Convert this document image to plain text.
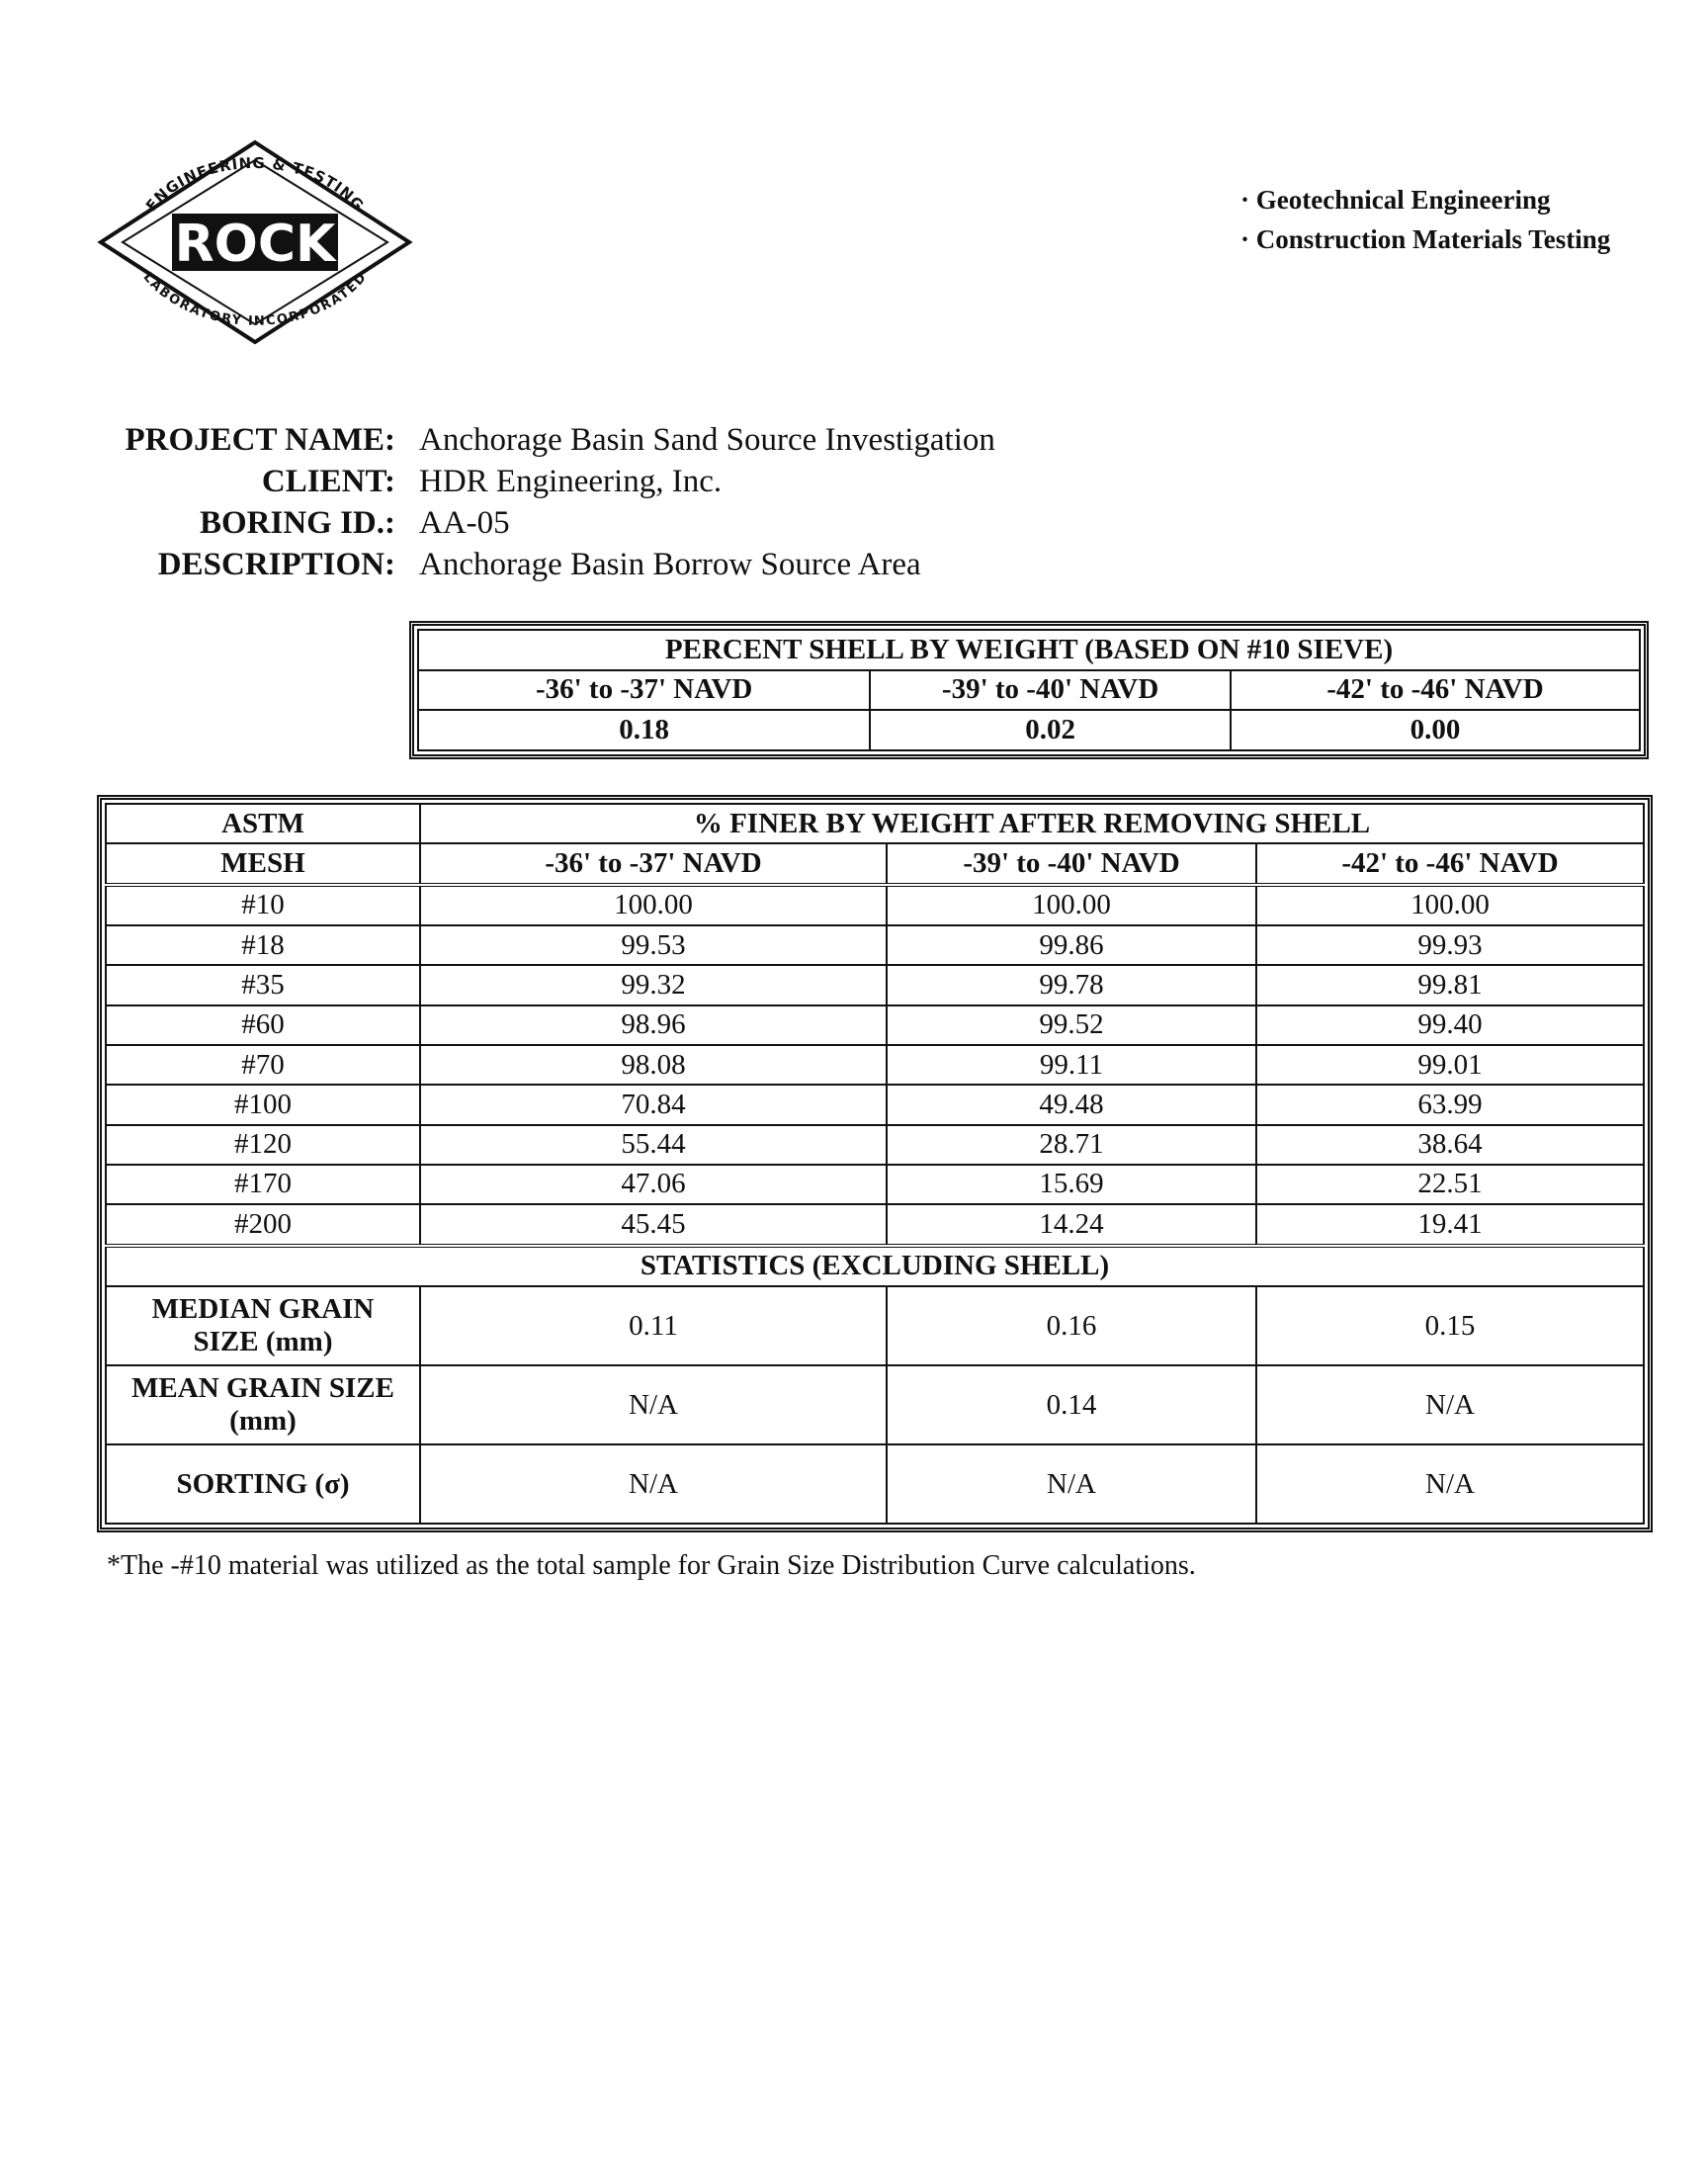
ROCK
ENGINEERING & TESTING
LABORATORY INCORPORATED
· Geotechnical Engineering
· Construction Materials Testing
PROJECT NAME: Anchorage Basin Sand Source Investigation
CLIENT: HDR Engineering, Inc.
BORING ID.: AA-05
DESCRIPTION: Anchorage Basin Borrow Source Area
PERCENT SHELL BY WEIGHT (BASED ON #10 SIEVE)		
-36' to -37' NAVD	-39' to -40' NAVD	-42' to -46' NAVD
0.18	0.02	0.00
ASTM	% FINER BY WEIGHT AFTER REMOVING SHELL		
MESH	-36' to -37' NAVD	-39' to -40' NAVD	-42' to -46' NAVD
#10	100.00	100.00	100.00
#18	99.53	99.86	99.93
#35	99.32	99.78	99.81
#60	98.96	99.52	99.40
#70	98.08	99.11	99.01
#100	70.84	49.48	63.99
#120	55.44	28.71	38.64
#170	47.06	15.69	22.51
#200	45.45	14.24	19.41
STATISTICS (EXCLUDING SHELL)			

MEDIAN GRAIN
SIZE (mm)	0.11	0.16	0.15

MEAN GRAIN SIZE
(mm)	N/A	0.14	N/A
SORTING (σ)	N/A	N/A	N/A
*The -#10 material was utilized as the total sample for Grain Size Distribution Curve calculations.
